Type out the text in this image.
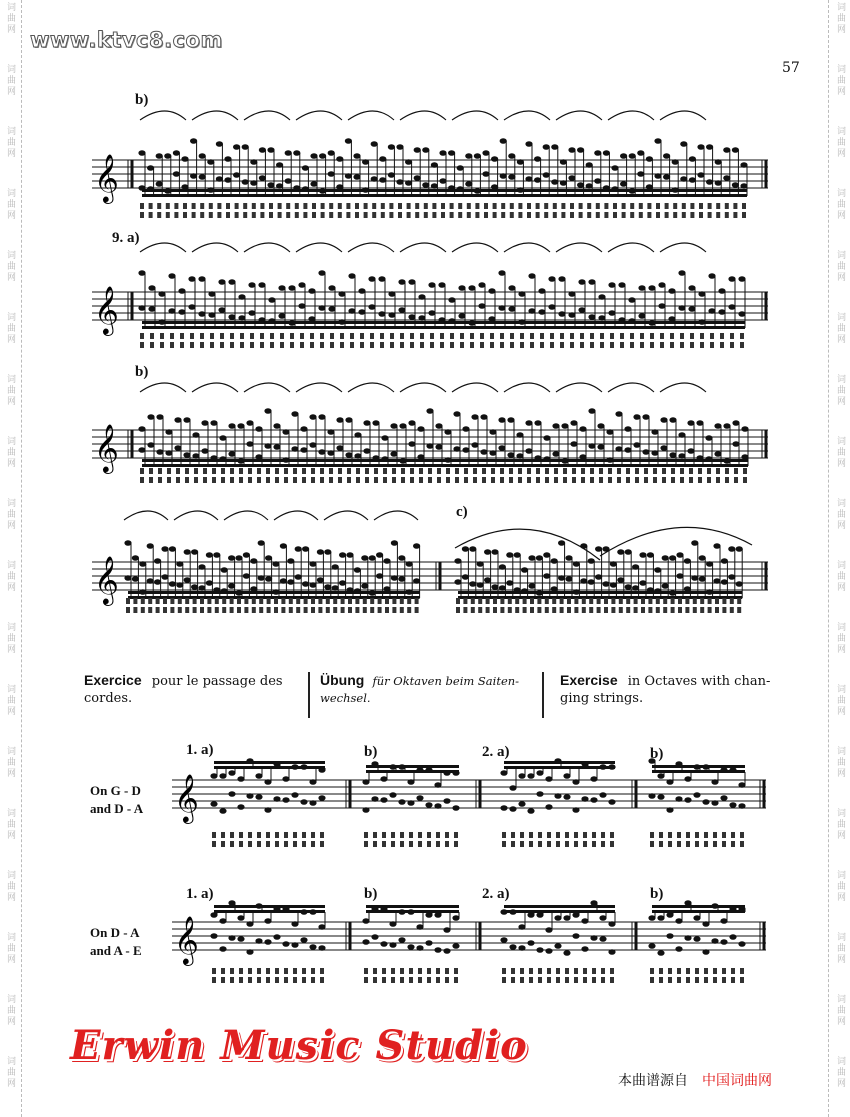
词曲网	词曲网
词曲网	词曲网
词曲网	词曲网
词曲网	词曲网
词曲网	词曲网
词曲网	词曲网
词曲网	词曲网
词曲网	词曲网
词曲网	词曲网
词曲网	词曲网
词曲网	词曲网
词曲网	词曲网
词曲网	词曲网
词曲网	词曲网
词曲网	词曲网
词曲网	词曲网
词曲网	词曲网
词曲网	词曲网
www.ktvc8.com
57
b)
9. a)
b)
c)
𝄞
𝄞
𝄞
𝄞
𝄞
𝄞
Exercice pour le passage des
cordes.
Übung für Oktaven beim Saiten-
wechsel.
Exercise in Octaves with chan-
ging strings.
On G - D
and D - A
On D - A
and A - E
1. a)	b)	2. a)	b)
1. a)	b)	2. a)	b)
Erwin Music Studio
本曲谱源自 中国词曲网
